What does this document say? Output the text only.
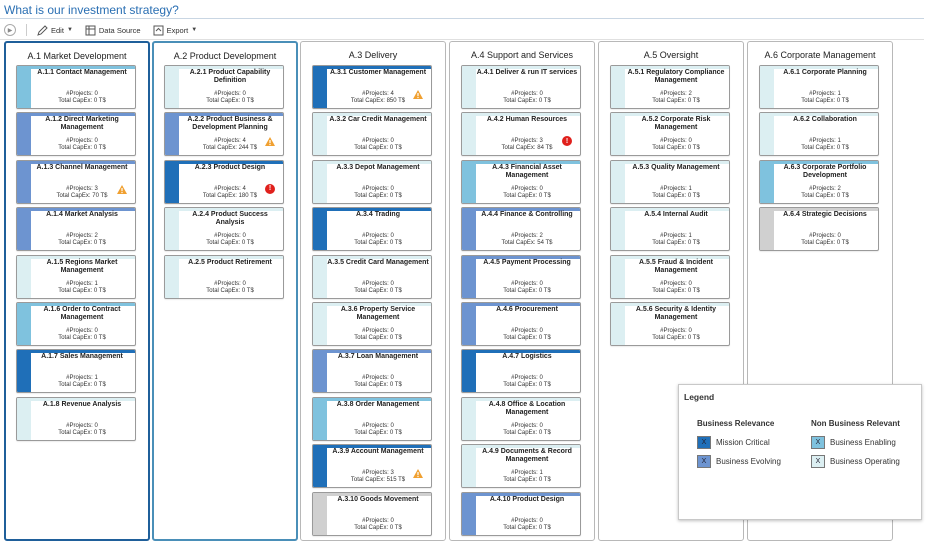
What is our investment strategy?
▶	Edit ▼	Data Source	Export ▼
A.1 Market Development
A.1.1 Contact Management
#Projects: 0
Total CapEx: 0 T$
A.1.2 Direct Marketing Management
#Projects: 0
Total CapEx: 0 T$
A.1.3 Channel Management
#Projects: 3
Total CapEx: 70 T$
A.1.4 Market Analysis
#Projects: 2
Total CapEx: 0 T$
A.1.5 Regions Market Management
#Projects: 1
Total CapEx: 0 T$
A.1.6 Order to Contract Management
#Projects: 0
Total CapEx: 0 T$
A.1.7 Sales Management
#Projects: 1
Total CapEx: 0 T$
A.1.8 Revenue Analysis
#Projects: 0
Total CapEx: 0 T$
A.2 Product Development
A.2.1 Product Capability Definition
#Projects: 0
Total CapEx: 0 T$
A.2.2 Product Business & Development Planning
#Projects: 4
Total CapEx: 244 T$
A.2.3 Product Design
#Projects: 4
Total CapEx: 180 T$
!
A.2.4 Product Success Analysis
#Projects: 0
Total CapEx: 0 T$
A.2.5 Product Retirement
#Projects: 0
Total CapEx: 0 T$
A.3 Delivery
A.3.1 Customer Management
#Projects: 4
Total CapEx: 850 T$
A.3.2 Car Credit Management
#Projects: 0
Total CapEx: 0 T$
A.3.3 Depot Management
#Projects: 0
Total CapEx: 0 T$
A.3.4 Trading
#Projects: 0
Total CapEx: 0 T$
A.3.5 Credit Card Management
#Projects: 0
Total CapEx: 0 T$
A.3.6 Property Service Management
#Projects: 0
Total CapEx: 0 T$
A.3.7 Loan Management
#Projects: 0
Total CapEx: 0 T$
A.3.8 Order Management
#Projects: 0
Total CapEx: 0 T$
A.3.9 Account Management
#Projects: 3
Total CapEx: 515 T$
A.3.10 Goods Movement
#Projects: 0
Total CapEx: 0 T$
A.4 Support and Services
A.4.1 Deliver & run IT services
#Projects: 0
Total CapEx: 0 T$
A.4.2 Human Resources
#Projects: 3
Total CapEx: 84 T$
!
A.4.3 Financial Asset Management
#Projects: 0
Total CapEx: 0 T$
A.4.4 Finance & Controlling
#Projects: 2
Total CapEx: 54 T$
A.4.5 Payment Processing
#Projects: 0
Total CapEx: 0 T$
A.4.6 Procurement
#Projects: 0
Total CapEx: 0 T$
A.4.7 Logistics
#Projects: 0
Total CapEx: 0 T$
A.4.8 Office & Location Management
#Projects: 0
Total CapEx: 0 T$
A.4.9 Documents & Record Management
#Projects: 1
Total CapEx: 0 T$
A.4.10 Product Design
#Projects: 0
Total CapEx: 0 T$
A.5 Oversight
A.5.1 Regulatory Compliance Management
#Projects: 2
Total CapEx: 0 T$
A.5.2 Corporate Risk Management
#Projects: 0
Total CapEx: 0 T$
A.5.3 Quality Management
#Projects: 1
Total CapEx: 0 T$
A.5.4 Internal Audit
#Projects: 1
Total CapEx: 0 T$
A.5.5 Fraud & Incident Management
#Projects: 0
Total CapEx: 0 T$
A.5.6 Security & Identity Management
#Projects: 0
Total CapEx: 0 T$
A.6 Corporate Management
A.6.1 Corporate Planning
#Projects: 1
Total CapEx: 0 T$
A.6.2 Collaboration
#Projects: 1
Total CapEx: 0 T$
A.6.3 Corporate Portfolio Development
#Projects: 2
Total CapEx: 0 T$
A.6.4 Strategic Decisions
#Projects: 0
Total CapEx: 0 T$
Legend
Business Relevance	Non Business Relevant
X	Mission Critical
X	Business Evolving
X	Business Enabling
X	Business Operating
